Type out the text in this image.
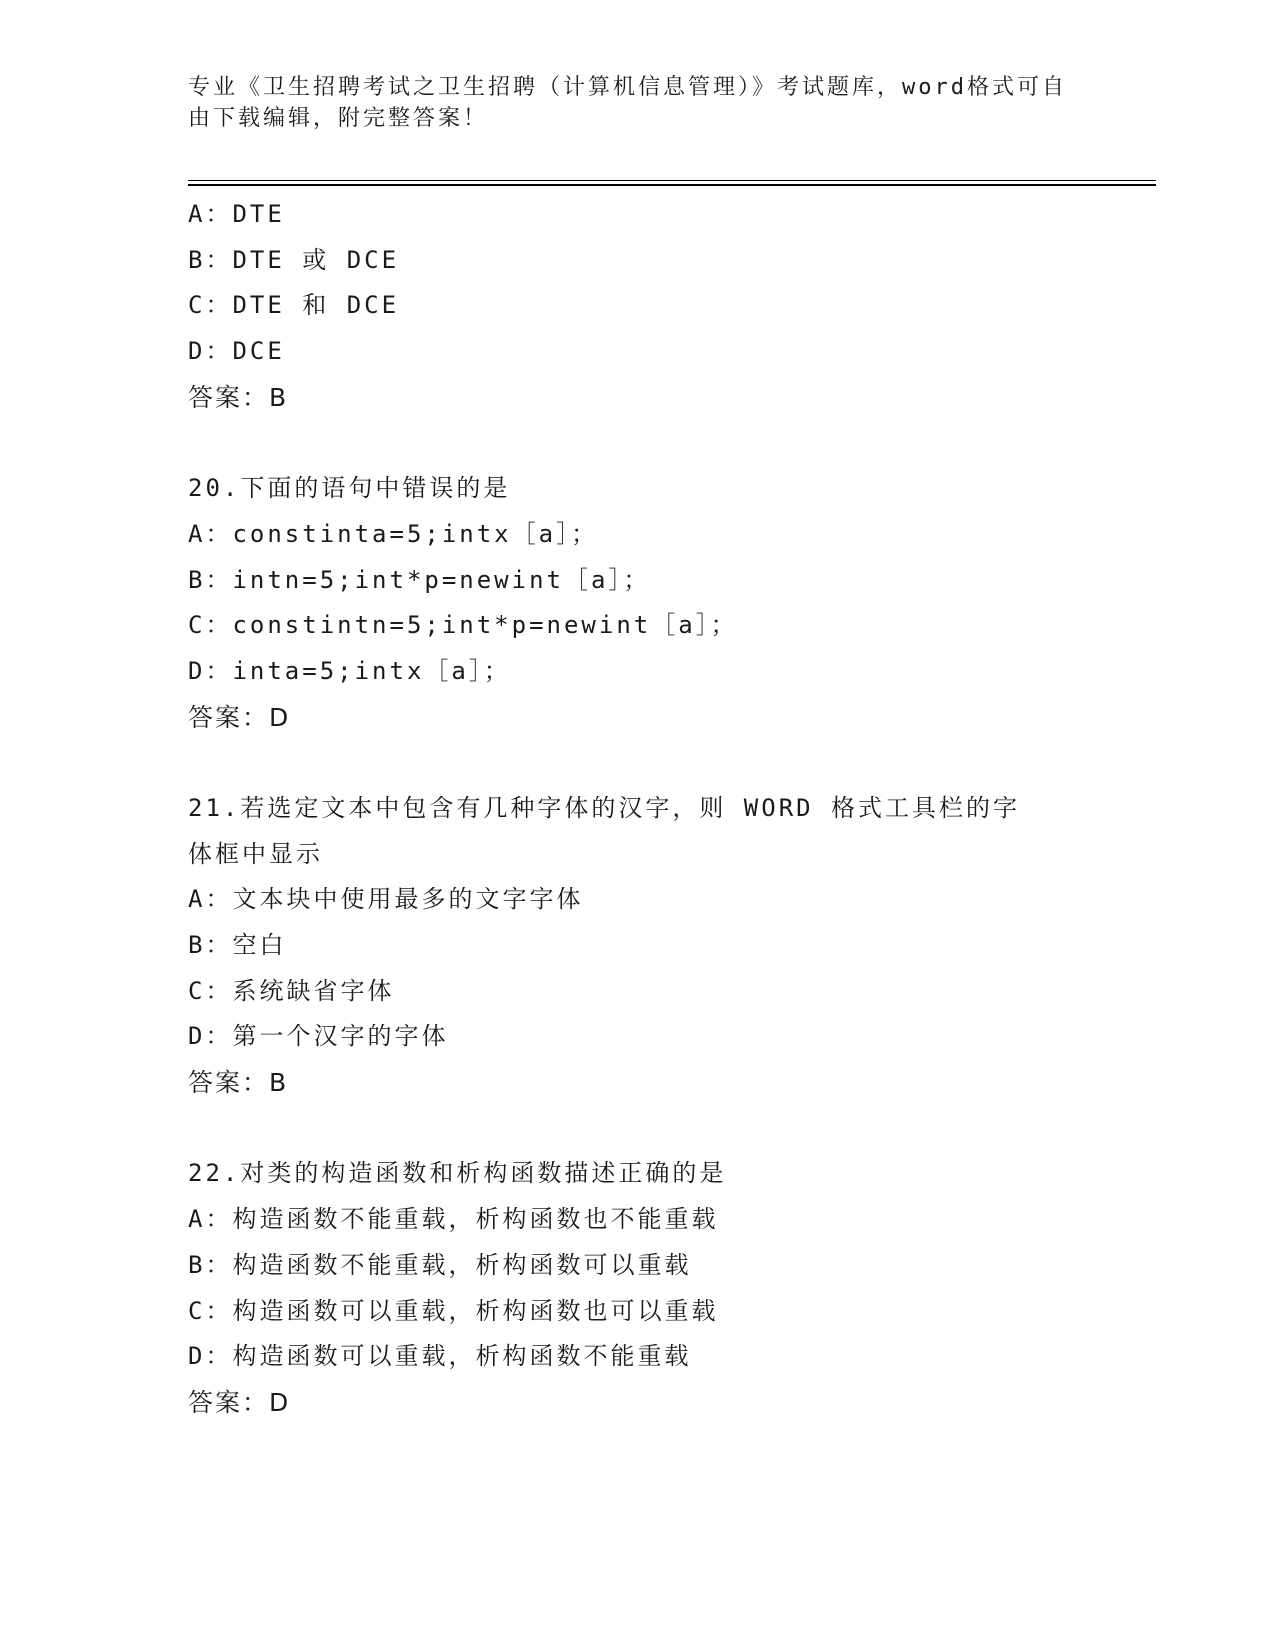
专业《卫生招聘考试之卫生招聘（计算机信息管理）》考试题库，word格式可自由下载编辑，附完整答案！
A：DTE
B：DTE 或 DCE
C：DTE 和 DCE
D：DCE
答案：B
20.下面的语句中错误的是
A：constinta=5;intx［a］；
B：intn=5;int*p=newint［a］；
C：constintn=5;int*p=newint［a］；
D：inta=5;intx［a］；
答案：D
21.若选定文本中包含有几种字体的汉字，则 WORD 格式工具栏的字体框中显示
A：文本块中使用最多的文字字体
B：空白
C：系统缺省字体
D：第一个汉字的字体
答案：B
22.对类的构造函数和析构函数描述正确的是
A：构造函数不能重载，析构函数也不能重载
B：构造函数不能重载，析构函数可以重载
C：构造函数可以重载，析构函数也可以重载
D：构造函数可以重载，析构函数不能重载
答案：D
